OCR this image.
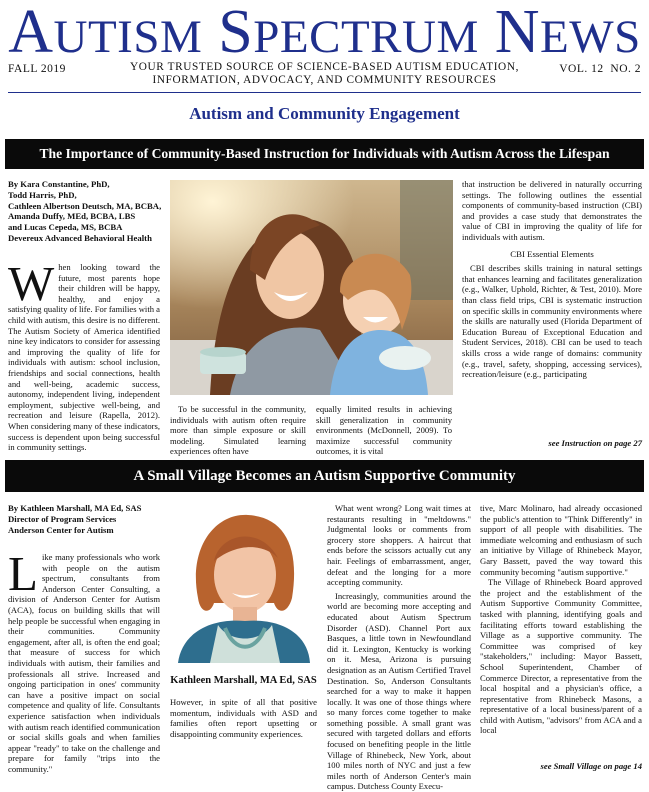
AUTISM SPECTRUM NEWS
FALL 2019	YOUR TRUSTED SOURCE OF SCIENCE-BASED AUTISM EDUCATION,
INFORMATION, ADVOCACY, AND COMMUNITY RESOURCES
VOL. 12  NO. 2
Autism and Community Engagement
The Importance of Community-Based Instruction for Individuals with Autism Across the Lifespan
By Kara Constantine, PhD,
Todd Harris, PhD,
Cathleen Albertson Deutsch, MA, BCBA,
Amanda Duffy, MEd, BCBA, LBS
and Lucas Cepeda, MS, BCBA
Devereux Advanced Behavioral Health
When looking toward the future, most parents hope their children will be happy, healthy, and enjoy a satisfying quality of life. For families with a child with autism, this desire is no different. The Autism Society of America identified nine key indicators to consider for assessing and improving the quality of life for individuals with autism: school inclusion, friendships and social connections, health and well-being, academic success, autonomy, independent living, independent employment, subjective well-being, and recreation and leisure (Rapella, 2012). When considering many of these indicators, success is dependent upon being successful in community settings.

To be successful in the community, individuals with autism often require more than simple exposure or skill modeling. Simulated learning experiences often have

equally limited results in achieving skill generalization in community environments (McDonnell, 2009). To maximize successful community outcomes, it is vital

that instruction be delivered in naturally occurring settings. The following outlines the essential components of community-based instruction (CBI) and provides a case study that demonstrates the value of CBI in improving the quality of life for individuals with autism.

CBI Essential Elements

CBI describes skills training in natural settings that enhances learning and facilitates generalization (e.g., Walker, Uphold, Richter, & Test, 2010). More than class field trips, CBI is systematic instruction on specific skills in community environments where the skills are naturally used (Florida Department of Education Bureau of Exceptional Education and Student Services, 2018). CBI can be used to teach skills cross a wide range of domains: community (e.g., travel, safety, shopping, accessing services), recreation/leisure (e.g., participating

see Instruction on page 27
A Small Village Becomes an Autism Supportive Community
By Kathleen Marshall, MA Ed, SAS
Director of Program Services
Anderson Center for Autism
Like many professionals who work with people on the autism spectrum, consultants from Anderson Center Consulting, a division of Anderson Center for Autism (ACA), focus on building skills that will help people be successful when engaging in their communities. Community engagement, after all, is often the end goal; that measure of success for which individuals with autism, their families and professionals all strive. Increased and ongoing participation in ones' community can have a positive impact on social competence and quality of life. Consultants experience satisfaction when individuals with autism reach identified communication or social skills goals and when families appear "ready" to take on the challenge and prepare for family "trips into the community."
Kathleen Marshall, MA Ed, SAS

However, in spite of all that positive momentum, individuals with ASD and families often report upsetting or disappointing community experiences.

What went wrong? Long wait times at restaurants resulting in "meltdowns." Judgmental looks or comments from grocery store shoppers. A haircut that ends before the scissors actually cut any hair. Feelings of embarrassment, anger, defeat and the longing for a more accepting community.

Increasingly, communities around the world are becoming more accepting and educated about Autism Spectrum Disorder (ASD). Channel Port aux Basques, a little town in Newfoundland did it. Lexington, Kentucky is working on it. Mesa, Arizona is pursuing designation as an Autism Certified Travel Destination. So, Anderson Consultants searched for a way to make it happen locally. It was one of those things where so many forces come together to make something possible. A small grant was secured with targeted dollars and efforts focused on benefiting people in the little Village of Rhinebeck, New York, about 100 miles north of NYC and just a few miles north of Anderson Center's main campus. Dutchess County Execu-

tive, Marc Molinaro, had already occasioned the public's attention to "Think Differently" in support of all people with disabilities. The immediate welcoming and enthusiasm of such an initiative by Village of Rhinebeck Mayor, Gary Bassett, paved the way toward this community becoming "autism supportive."

The Village of Rhinebeck Board approved the project and the establishment of the Autism Supportive Community Committee, tasked with planning, identifying goals and facilitating efforts toward establishing the Village as a supportive community. The Committee was comprised of key "stakeholders," including: Mayor Bassett, School Superintendent, Chamber of Commerce Director, a representative from the local hospital and a physician's office, a representative from Rhinebeck Masons, a representative of a local business/parent of a child with Autism, "advisors" from ACA and a local

see Small Village on page 14
